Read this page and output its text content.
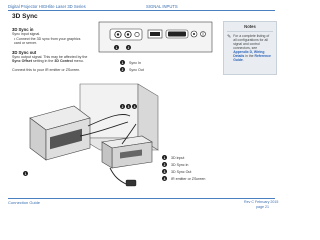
Digital Projector HIGHlite Laser 3D Series	SIGNAL INPUTS
3D Sync
3D Sync in
Sync input signal.
• Connect the 3D sync from your graphics card or server.
3D Sync out
Sync output signal. This may be affected by the Sync Offset setting in the 3D Control menu.
Connect this to your IR emitter or ZScreen.
1	2
1	Sync In
2	Sync Out
Notes
✎ For a complete listing of all configurations for all signal and control connectors, see Appendix D, Wiring Details in the Reference Guide.
1
2	3	4
1	3D input
2	3D Sync in
3	3D Sync Out
4	IR emitter or ZScreen
Connection Guide	Rev C February 2015
page 21
